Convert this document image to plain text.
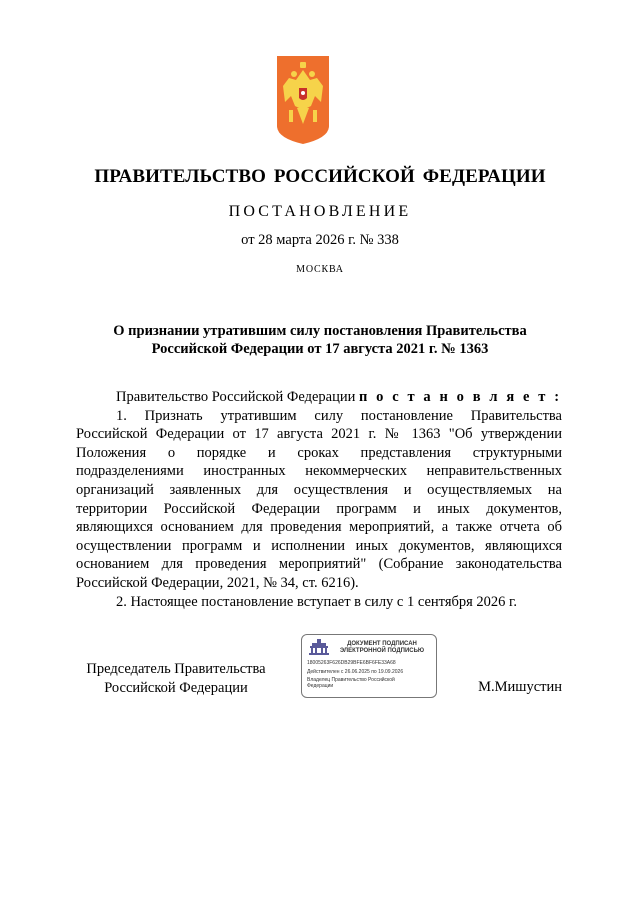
ПРАВИТЕЛЬСТВО РОССИЙСКОЙ ФЕДЕРАЦИИ
ПОСТАНОВЛЕНИЕ
от 28 марта 2026 г. № 338
МОСКВА
О признании утратившим силу постановления Правительства
Российской Федерации от 17 августа 2021 г. № 1363

Правительство Российской Федерации п о с т а н о в л я е т :

1. Признать утратившим силу постановление Правительства Российской Федерации от 17 августа 2021 г. № 1363 "Об утверждении Положения о порядке и сроках представления структурными подразделениями иностранных некоммерческих неправительственных организаций заявленных для осуществления и осуществляемых на территории Российской Федерации программ и иных документов, являющихся основанием для проведения мероприятий, а также отчета об осуществлении программ и исполнении иных документов, являющихся основанием для проведения мероприятий" (Собрание законодательства Российской Федерации, 2021, № 34, ст. 6216).

2. Настоящее постановление вступает в силу с 1 сентября 2026 г.

Председатель Правительства
Российской Федерации
ДОКУМЕНТ ПОДПИСАН
ЭЛЕКТРОННОЙ ПОДПИСЬЮ
18005263F626DB29BFE6BF6FE33A68
Действителен с 26.06.2025 по 19.09.2026
Владелец Правительство Российской
Федерации	М.Мишустин
